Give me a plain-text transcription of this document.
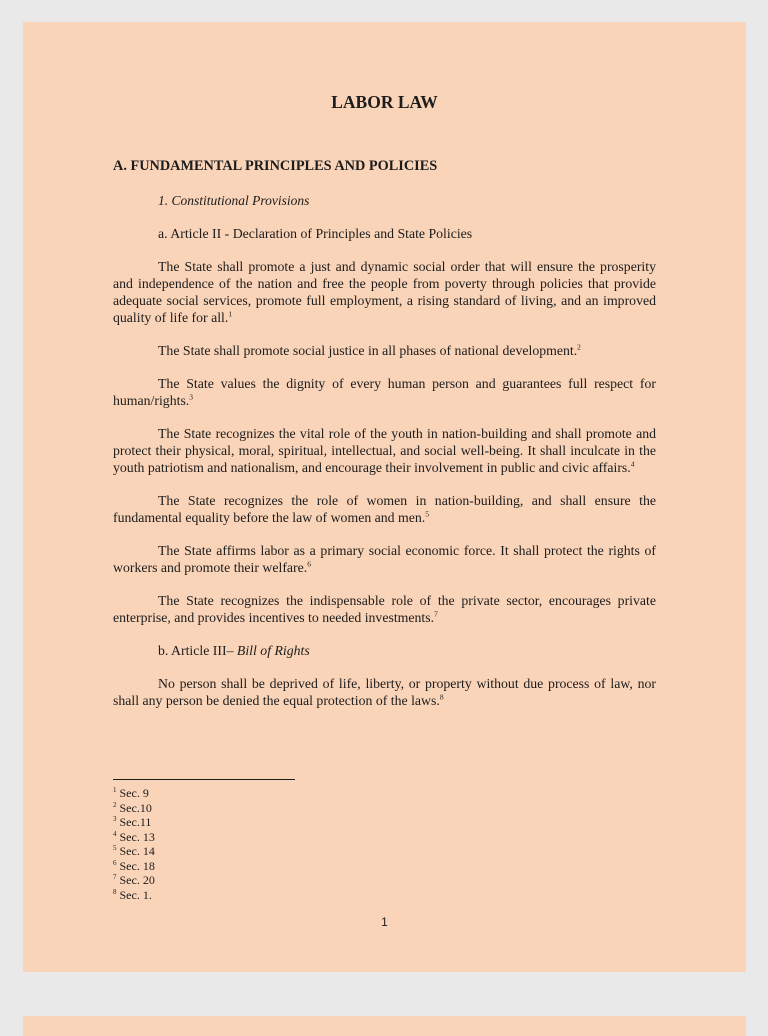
LABOR LAW
A. FUNDAMENTAL PRINCIPLES AND POLICIES

1. Constitutional Provisions

a. Article II - Declaration of Principles and State Policies

The State shall promote a just and dynamic social order that will ensure the prosperity and independence of the nation and free the people from poverty through policies that provide adequate social services, promote full employment, a rising standard of living, and an improved quality of life for all.$^1$

The State shall promote social justice in all phases of national development.$^2$

The State values the dignity of every human person and guarantees full respect for human/rights.$^3$

The State recognizes the vital role of the youth in nation-building and shall promote and protect their physical, moral, spiritual, intellectual, and social well-being. It shall inculcate in the youth patriotism and nationalism, and encourage their involvement in public and civic affairs.$^4$

The State recognizes the role of women in nation-building, and shall ensure the fundamental equality before the law of women and men.$^5$

The State affirms labor as a primary social economic force. It shall protect the rights of workers and promote their welfare.$^6$

The State recognizes the indispensable role of the private sector, encourages private enterprise, and provides incentives to needed investments.$^7$

b. Article III– Bill of Rights

No person shall be deprived of life, liberty, or property without due process of law, nor shall any person be denied the equal protection of the laws.$^8$

$^1$ Sec. 9

$^2$ Sec.10

$^3$ Sec.11

$^4$ Sec. 13

$^5$ Sec. 14

$^6$ Sec. 18

$^7$ Sec. 20

$^8$ Sec. 1.

1
